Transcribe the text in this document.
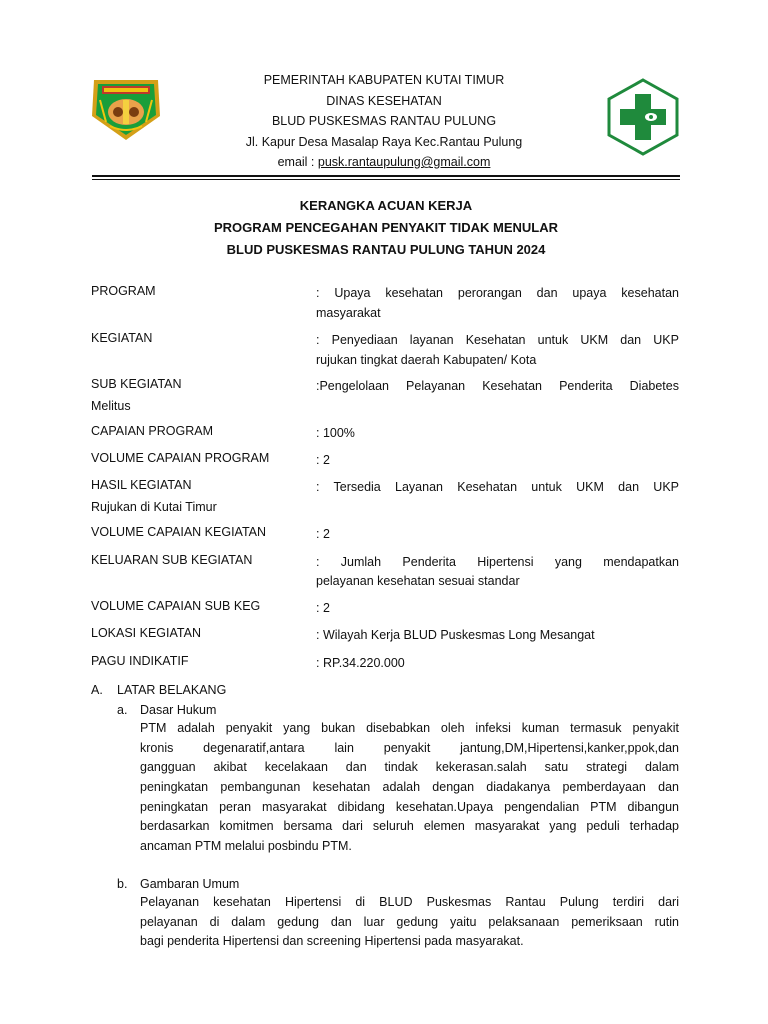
PEMERINTAH KABUPATEN KUTAI TIMUR
DINAS KESEHATAN
BLUD PUSKESMAS RANTAU PULUNG
Jl. Kapur Desa Masalap Raya Kec.Rantau Pulung
email : pusk.rantaupulung@gmail.com
KERANGKA ACUAN KERJA
PROGRAM PENCEGAHAN PENYAKIT TIDAK MENULAR
BLUD PUSKESMAS RANTAU PULUNG TAHUN 2024
PROGRAM	: Upaya kesehatan perorangan dan upaya kesehatan
masyarakat
KEGIATAN	: Penyediaan layanan Kesehatan untuk UKM dan UKP
rujukan tingkat daerah Kabupaten/ Kota
SUB KEGIATAN	:Pengelolaan Pelayanan Kesehatan Penderita Diabetes
Melitus
CAPAIAN PROGRAM	: 100%
VOLUME CAPAIAN PROGRAM	: 2
HASIL KEGIATAN	: Tersedia Layanan Kesehatan untuk UKM dan UKP
Rujukan di Kutai Timur
VOLUME CAPAIAN KEGIATAN	: 2
KELUARAN SUB KEGIATAN	: Jumlah Penderita Hipertensi yang mendapatkan
pelayanan kesehatan sesuai standar
VOLUME CAPAIAN SUB KEG	: 2
LOKASI KEGIATAN	: Wilayah Kerja BLUD Puskesmas Long Mesangat
PAGU INDIKATIF	: RP.34.220.000
A. LATAR BELAKANG
a. Dasar Hukum
PTM adalah penyakit yang bukan disebabkan oleh infeksi kuman termasuk penyakit
kronis degenaratif,antara lain penyakit jantung,DM,Hipertensi,kanker,ppok,dan
gangguan akibat kecelakaan dan tindak kekerasan.salah satu strategi dalam
peningkatan pembangunan kesehatan adalah dengan diadakanya pemberdayaan dan
peningkatan peran masyarakat dibidang kesehatan.Upaya pengendalian PTM dibangun
berdasarkan komitmen bersama dari seluruh elemen masyarakat yang peduli terhadap
ancaman PTM melalui posbindu PTM.
b. Gambaran Umum
Pelayanan kesehatan Hipertensi di BLUD Puskesmas Rantau Pulung terdiri dari
pelayanan di dalam gedung dan luar gedung yaitu pelaksanaan pemeriksaan rutin
bagi penderita Hipertensi dan screening Hipertensi pada masyarakat.
